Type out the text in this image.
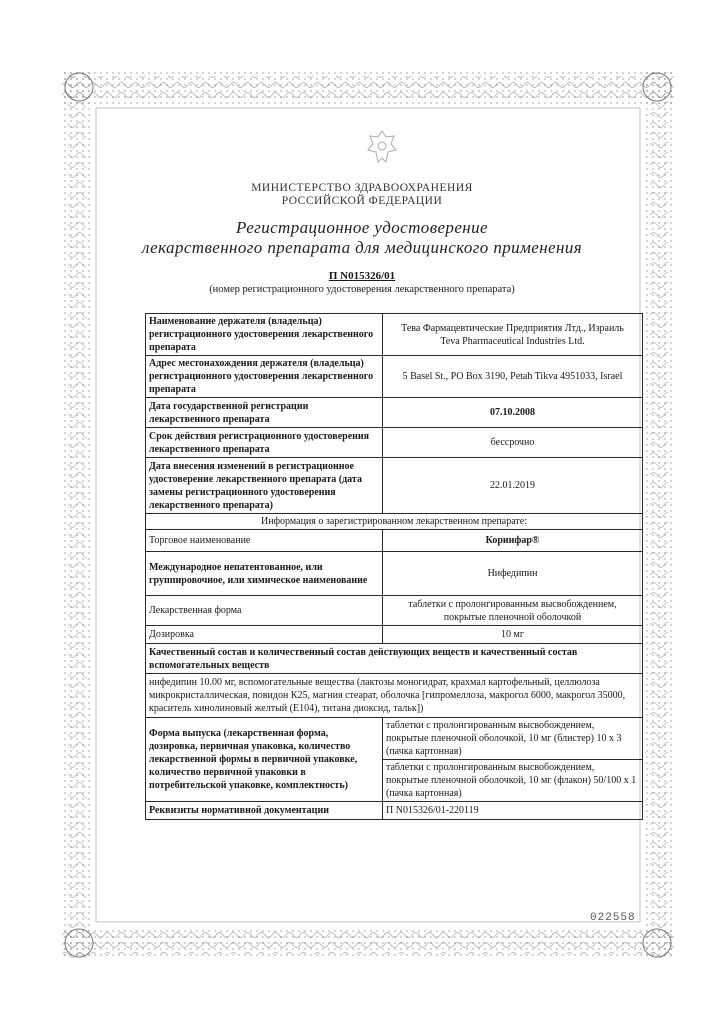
МИНИСТЕРСТВО ЗДРАВООХРАНЕНИЯ
РОССИЙСКОЙ ФЕДЕРАЦИИ
Регистрационное удостоверение
лекарственного препарата для медицинского применения
П N015326/01
(номер регистрационного удостоверения лекарственного препарата)
Наименование держателя (владельца) регистрационного удостоверения лекарственного препарата	Тева Фармацевтические Предприятия Лтд., Израиль
Teva Pharmaceutical Industries Ltd.

Адрес местонахождения держателя (владельца) регистрационного удостоверения лекарственного препарата	5 Basel St., PO Box 3190, Petah Tikva 4951033, Israel
Дата государственной регистрации лекарственного препарата	07.10.2008
Срок действия регистрационного удостоверения лекарственного препарата	бессрочно
Дата внесения изменений в регистрационное удостоверение лекарственного препарата (дата замены регистрационного удостоверения лекарственного препарата)	22.01.2019
Информация о зарегистрированном лекарственном препарате:	
Торговое наименование	Коринфар®
Международное непатентованное, или группировочное, или химическое наименование	Нифедипин
Лекарственная форма	таблетки с пролонгированным высвобождением, покрытые пленочной оболочкой
Дозировка	10 мг
Качественный состав и количественный состав действующих веществ и качественный состав вспомогательных веществ	
нифедипин 10.00 мг, вспомогательные вещества (лактозы моногидрат, крахмал картофельный, целлюлоза микрокристаллическая, повидон К25, магния стеарат, оболочка [гипромеллоза, макрогол 6000, макрогол 35000, краситель хинолиновый желтый (Е104), титана диоксид, тальк])	
Форма выпуска (лекарственная форма, дозировка, первичная упаковка, количество лекарственной формы в первичной упаковке, количество первичной упаковки в потребительской упаковке, комплектность)	таблетки с пролонгированным высвобождением, покрытые пленочной оболочкой, 10 мг (блистер) 10 х 3 (пачка картонная)
	таблетки с пролонгированным высвобождением, покрытые пленочной оболочкой, 10 мг (флакон) 50/100 х 1 (пачка картонная)
Реквизиты нормативной документации	П N015326/01-220119
022558
